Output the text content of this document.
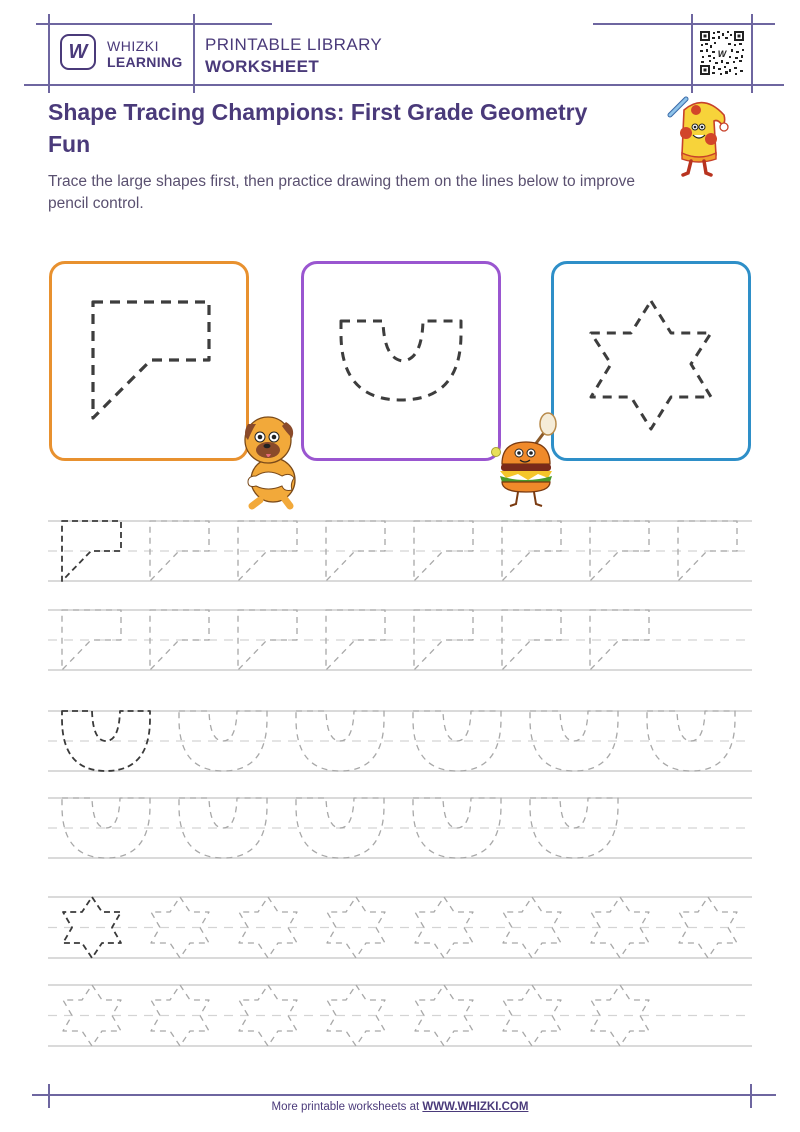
W WHIZKI
LEARNING
PRINTABLE LIBRARY
WORKSHEET
W
Shape Tracing Champions: First Grade Geometry Fun
Trace the large shapes first, then practice drawing them on the lines below to improve pencil control.
More printable worksheets at WWW.WHIZKI.COM
